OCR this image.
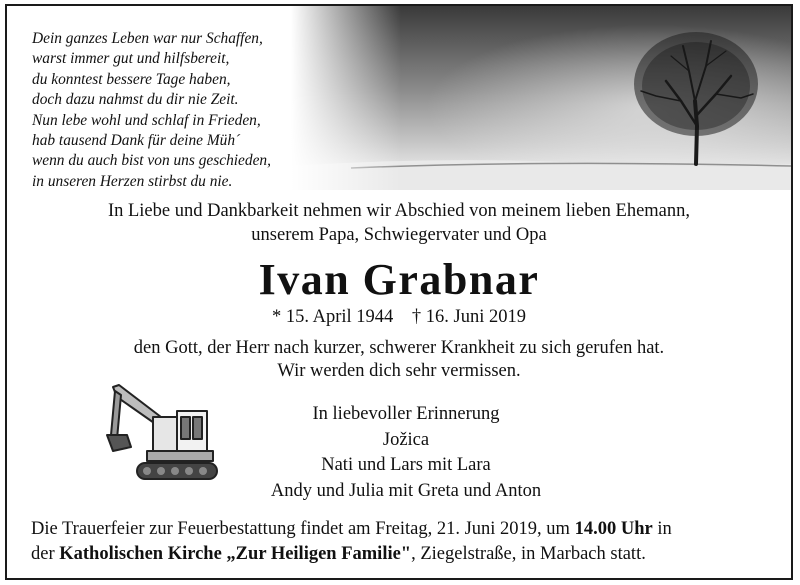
Dein ganzes Leben war nur Schaffen,
warst immer gut und hilfsbereit,
du konntest bessere Tage haben,
doch dazu nahmst du dir nie Zeit.
Nun lebe wohl und schlaf in Frieden,
hab tausend Dank für deine Müh´
wenn du auch bist von uns geschieden,
in unseren Herzen stirbst du nie.
In Liebe und Dankbarkeit nehmen wir Abschied von meinem lieben Ehemann,
unserem Papa, Schwiegervater und Opa
Ivan Grabnar
* 15. April 1944 † 16. Juni 2019
den Gott, der Herr nach kurzer, schwerer Krankheit zu sich gerufen hat.
Wir werden dich sehr vermissen.
In liebevoller Erinnerung
Jožica
Nati und Lars mit Lara
Andy und Julia mit Greta und Anton
Die Trauerfeier zur Feuerbestattung findet am Freitag, 21. Juni 2019, um 14.00 Uhr in
der Katholischen Kirche „Zur Heiligen Familie", Ziegelstraße, in Marbach statt.
